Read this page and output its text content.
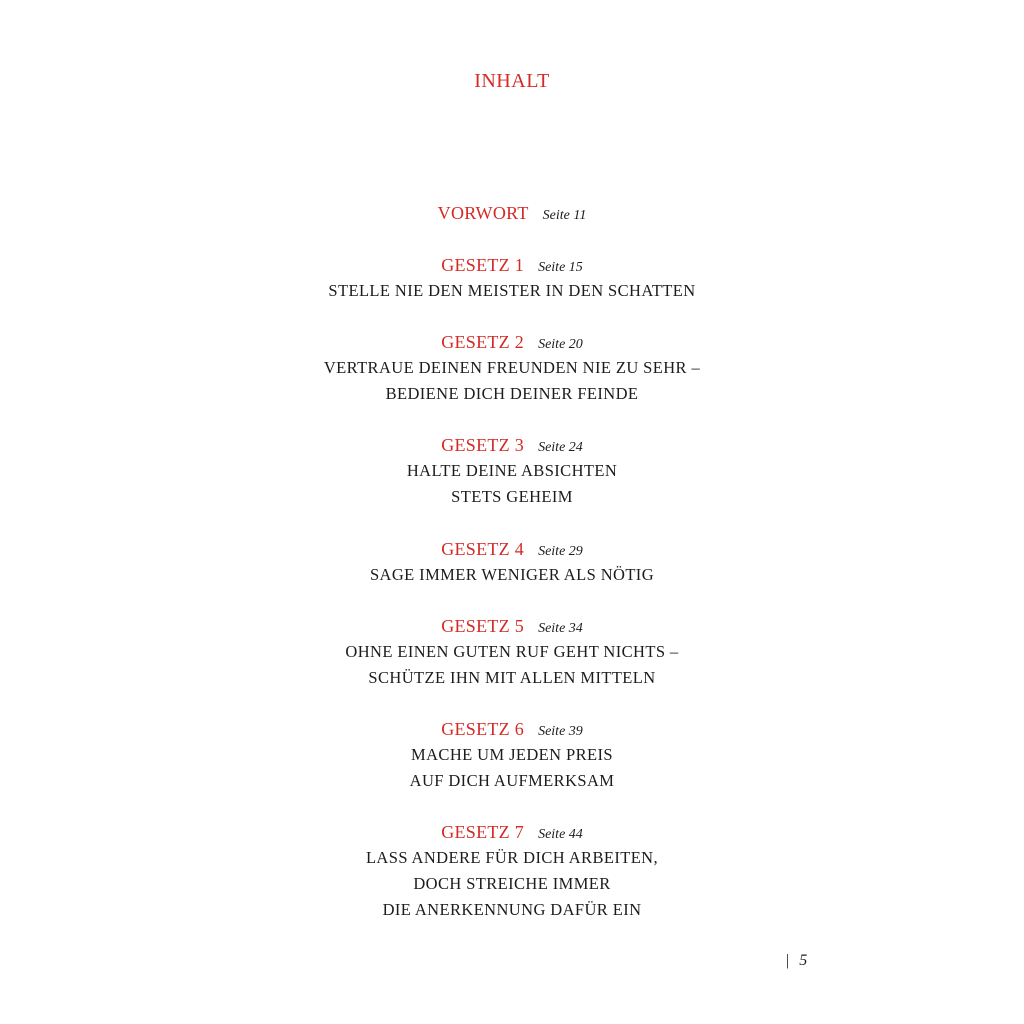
INHALT
VORWORT Seite 11
GESETZ 1 Seite 15
STELLE NIE DEN MEISTER IN DEN SCHATTEN
GESETZ 2 Seite 20
VERTRAUE DEINEN FREUNDEN NIE ZU SEHR –
BEDIENE DICH DEINER FEINDE
GESETZ 3 Seite 24
HALTE DEINE ABSICHTEN
STETS GEHEIM
GESETZ 4 Seite 29
SAGE IMMER WENIGER ALS NÖTIG
GESETZ 5 Seite 34
OHNE EINEN GUTEN RUF GEHT NICHTS –
SCHÜTZE IHN MIT ALLEN MITTELN
GESETZ 6 Seite 39
MACHE UM JEDEN PREIS
AUF DICH AUFMERKSAM
GESETZ 7 Seite 44
LASS ANDERE FÜR DICH ARBEITEN,
DOCH STREICHE IMMER
DIE ANERKENNUNG DAFÜR EIN
| 5
